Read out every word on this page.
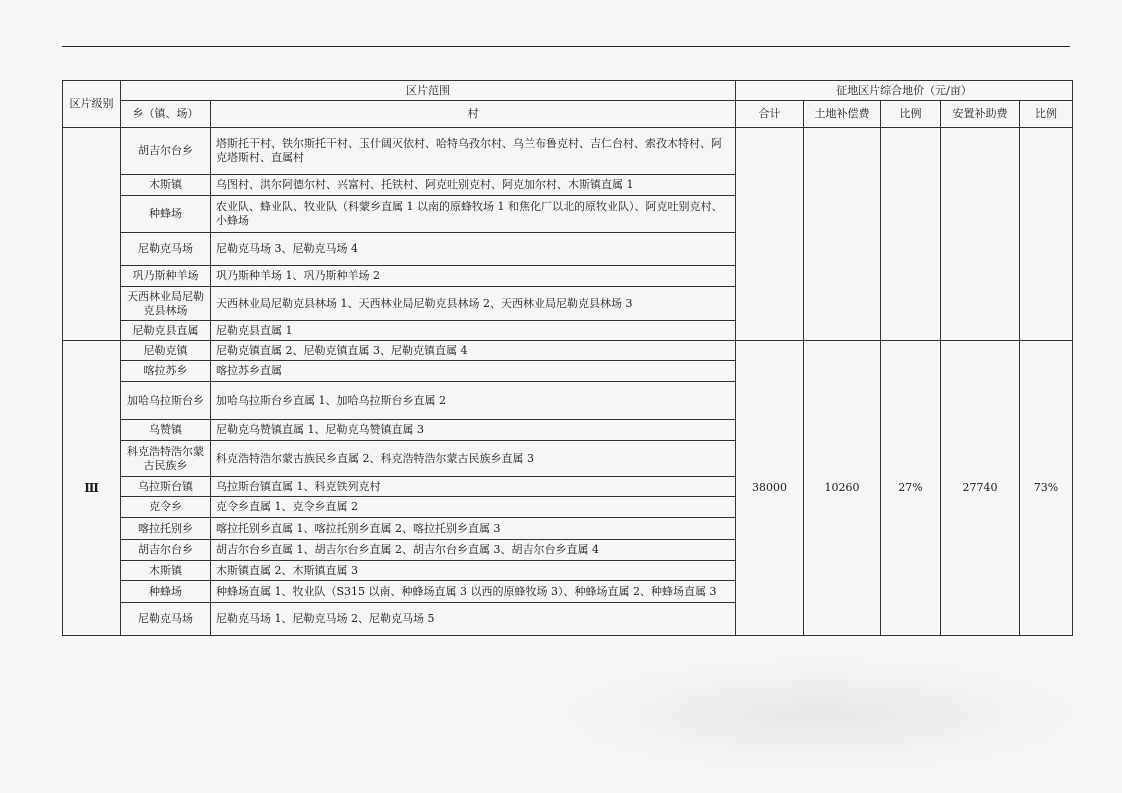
区片级别	区片范围		征地区片综合地价（元/亩）				
	乡（镇、场）	村	合计	土地补偿费	比例	安置补助费	比例
	胡吉尔台乡	塔斯托干村、铁尔斯托干村、玉什阔灭依村、哈特乌孜尔村、乌兰布鲁克村、吉仁台村、索孜木特村、阿克塔斯村、直属村					
	木斯镇	乌图村、洪尔阿德尔村、兴富村、托铁村、阿克吐别克村、阿克加尔村、木斯镇直属 1					
	种蜂场	农业队、蜂业队、牧业队（科蒙乡直属 1 以南的原蜂牧场 1 和焦化厂以北的原牧业队）、阿克吐别克村、小蜂场					
	尼勒克马场	尼勒克马场 3、尼勒克马场 4					
	巩乃斯种羊场	巩乃斯种羊场 1、巩乃斯种羊场 2					
	天西林业局尼勒克县林场	天西林业局尼勒克县林场 1、天西林业局尼勒克县林场 2、天西林业局尼勒克县林场 3					
	尼勒克县直属	尼勒克县直属 1					
Ⅲ	尼勒克镇	尼勒克镇直属 2、尼勒克镇直属 3、尼勒克镇直属 4	38000	10260	27%	27740	73%
	喀拉苏乡	喀拉苏乡直属					
	加哈乌拉斯台乡	加哈乌拉斯台乡直属 1、加哈乌拉斯台乡直属 2					
	乌赞镇	尼勒克乌赞镇直属 1、尼勒克乌赞镇直属 3					
	科克浩特浩尔蒙古民族乡	科克浩特浩尔蒙古族民乡直属 2、科克浩特浩尔蒙古民族乡直属 3					
	乌拉斯台镇	乌拉斯台镇直属 1、科克铁列克村					
	克令乡	克令乡直属 1、克令乡直属 2					
	喀拉托别乡	喀拉托别乡直属 1、喀拉托别乡直属 2、喀拉托别乡直属 3					
	胡吉尔台乡	胡吉尔台乡直属 1、胡吉尔台乡直属 2、胡吉尔台乡直属 3、胡吉尔台乡直属 4					
	木斯镇	木斯镇直属 2、木斯镇直属 3					
	种蜂场	种蜂场直属 1、牧业队（S315 以南、种蜂场直属 3 以西的原蜂牧场 3）、种蜂场直属 2、种蜂场直属 3					
	尼勒克马场	尼勒克马场 1、尼勒克马场 2、尼勒克马场 5					
